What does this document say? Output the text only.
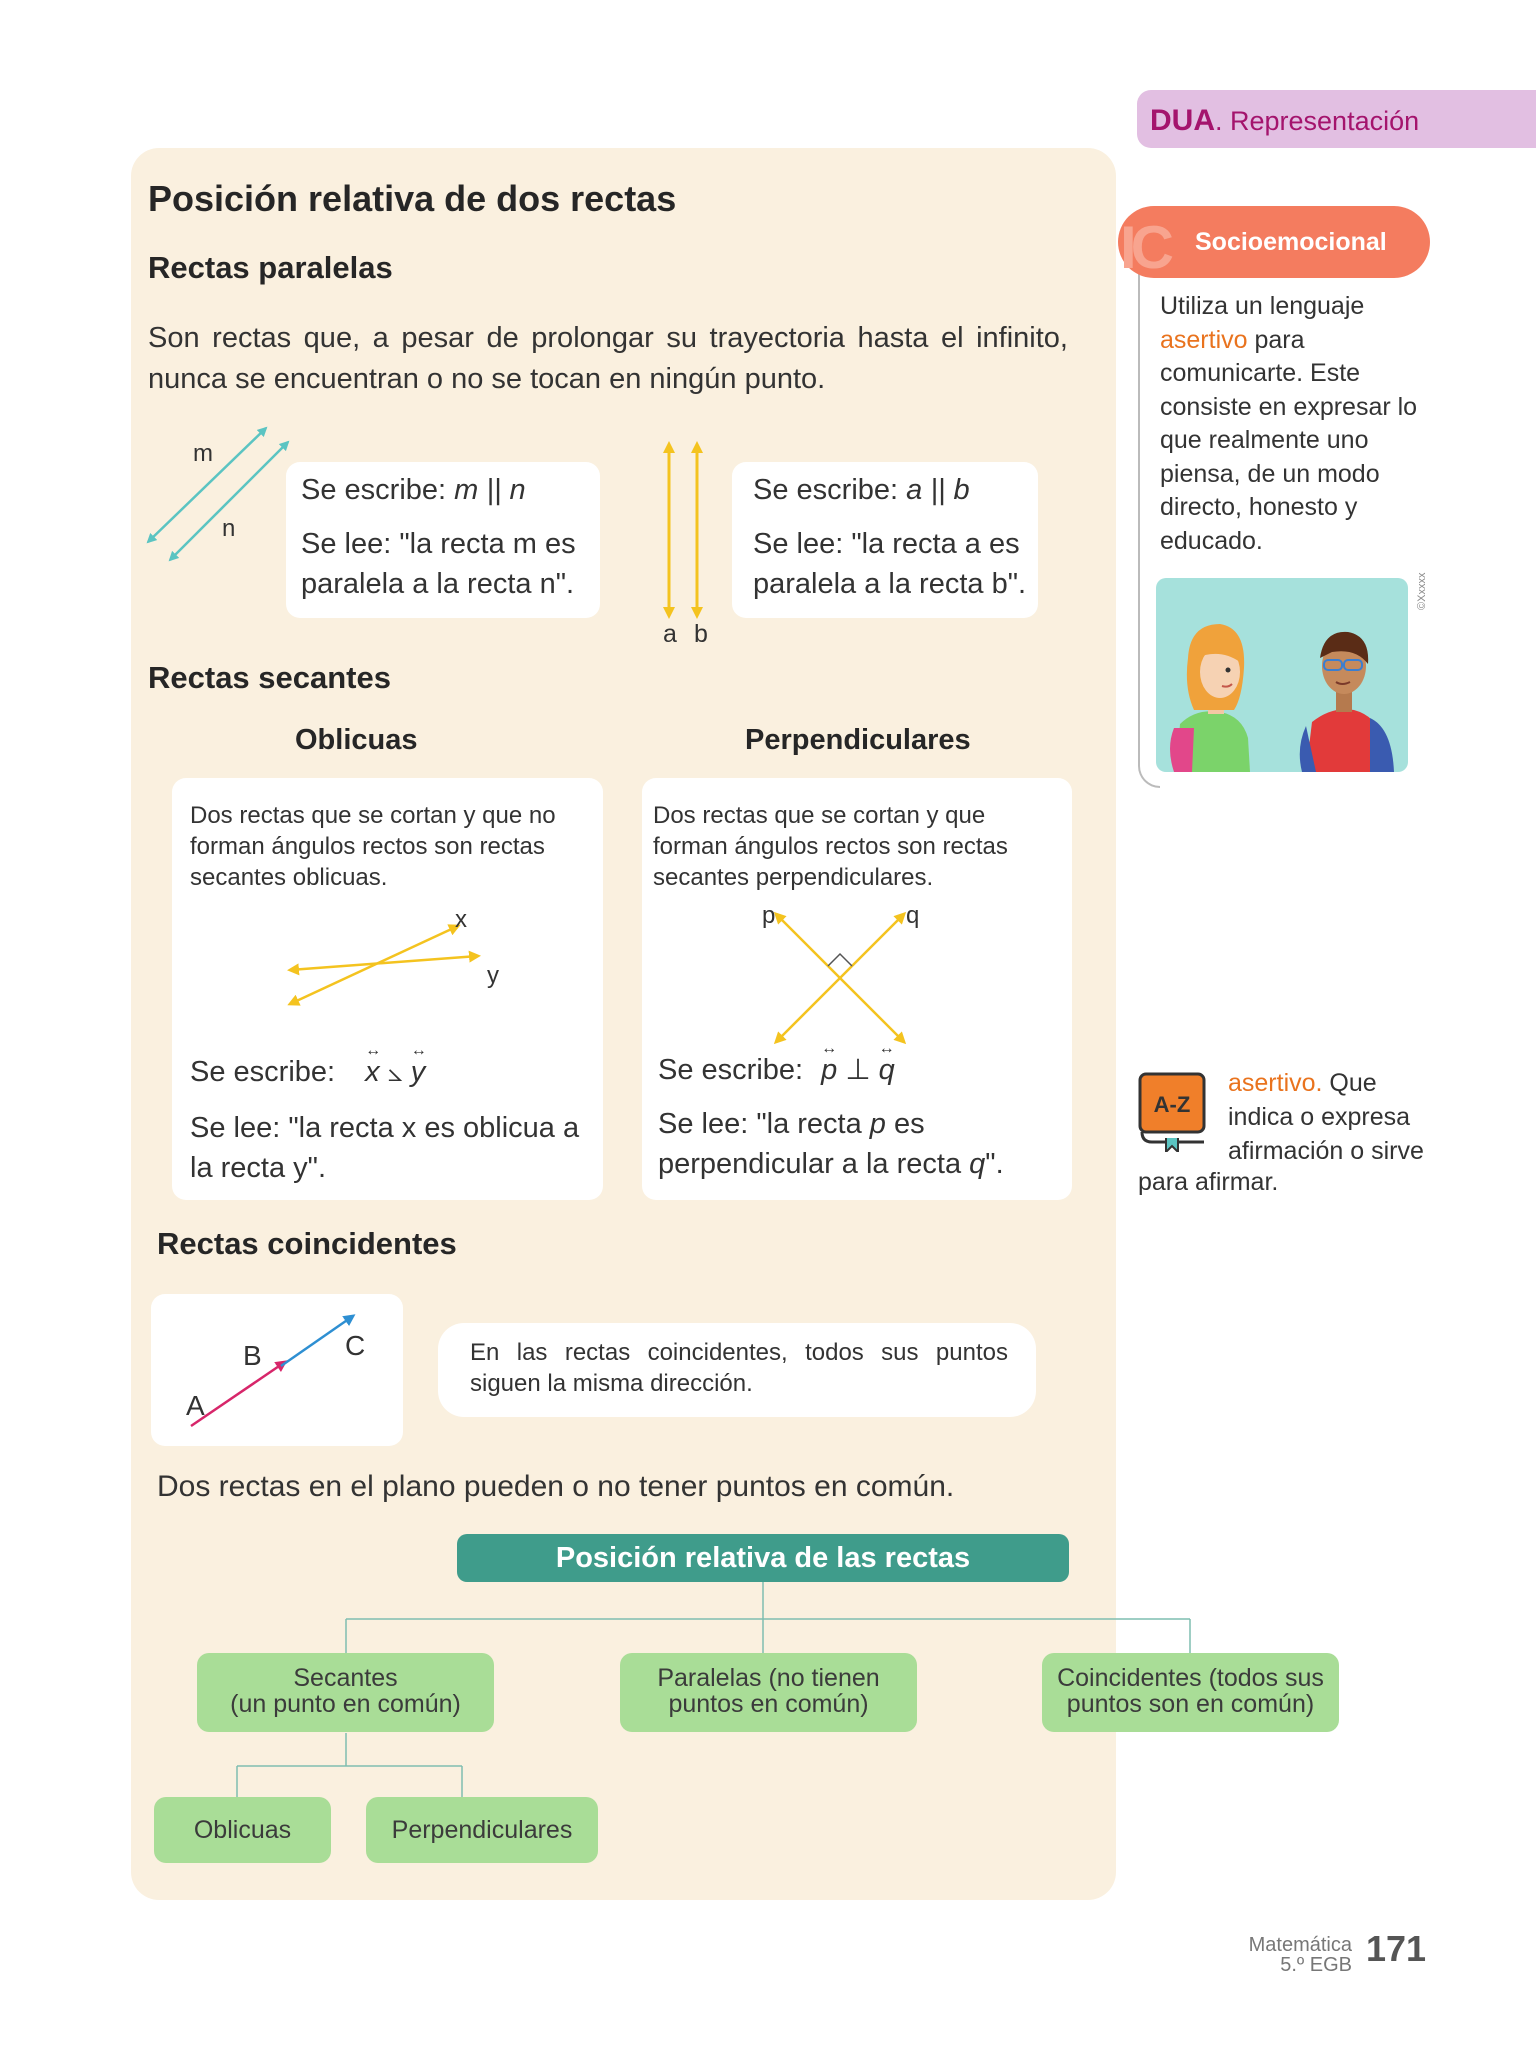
DUA. Representación
Posición relativa de dos rectas
Rectas paralelas
Son rectas que, a pesar de prolongar su trayectoria hasta el infinito, nunca se encuentran o no se tocan en ningún punto.
m
n
Se escribe: m || n
Se lee: "la recta m es paralela a la recta n".
a b
Se escribe: a || b
Se lee: "la recta a es paralela a la recta b".
Rectas secantes
Oblicuas	Perpendiculares
Dos rectas que se cortan y que no forman ángulos rectos son rectas secantes oblicuas.
x
y
Se escribe:
↔
x ⦣
↔
y
Se lee: "la recta x es oblicua a la recta y".
Dos rectas que se cortan y que forman ángulos rectos son rectas secantes perpendiculares.
p	q
Se escribe:
↔
p ⊥
↔
q
Se lee: "la recta p es perpendicular a la recta q".
Rectas coincidentes
A
B	C	En las rectas coincidentes, todos sus puntos siguen la misma dirección.
Dos rectas en el plano pueden o no tener puntos en común.
Posición relativa de las rectas
Secantes
(un punto en común)
Paralelas (no tienen
puntos en común)
Coincidentes (todos sus
puntos son en común)
Oblicuas	Perpendiculares
IC Socioemocional
Utiliza un lenguaje asertivo para comunicarte. Este consiste en expresar lo que realmente uno piensa, de un modo directo, honesto y educado.
©Xxxxx
A-Z
asertivo. Que indica o expresa afirmación o sirve
para afirmar.
Matemática
5.º EGB 171
